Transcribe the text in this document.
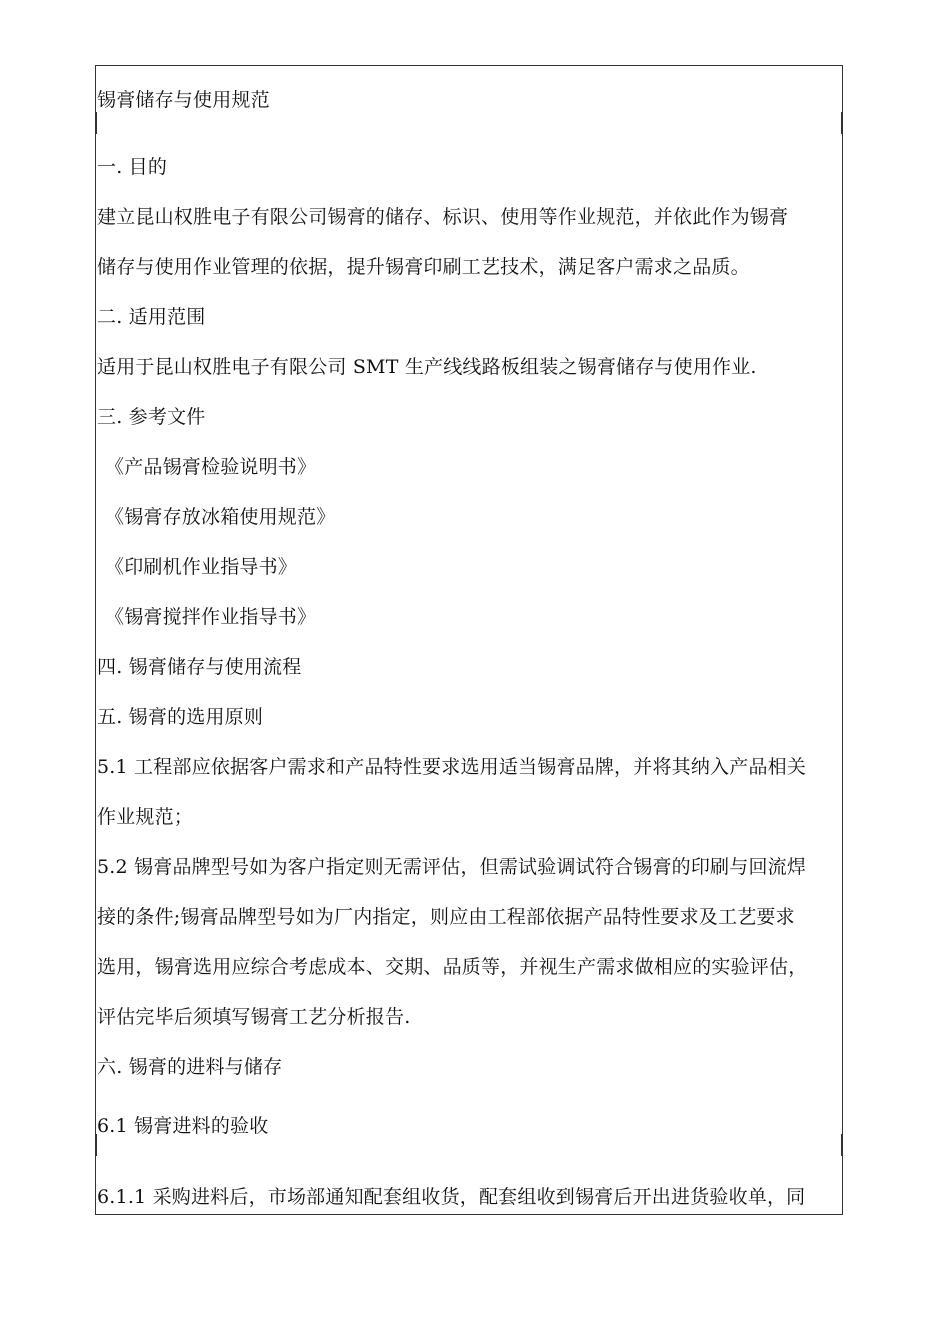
锡膏储存与使用规范
一. 目的
建立昆山权胜电子有限公司锡膏的储存、标识、使用等作业规范，并依此作为锡膏
储存与使用作业管理的依据，提升锡膏印刷工艺技术，满足客户需求之品质。
二. 适用范围
适用于昆山权胜电子有限公司 SMT 生产线线路板组装之锡膏储存与使用作业.
三. 参考文件
《产品锡膏检验说明书》
《锡膏存放冰箱使用规范》
《印刷机作业指导书》
《锡膏搅拌作业指导书》
四. 锡膏储存与使用流程
五. 锡膏的选用原则
5.1 工程部应依据客户需求和产品特性要求选用适当锡膏品牌，并将其纳入产品相关
作业规范；
5.2 锡膏品牌型号如为客户指定则无需评估，但需试验调试符合锡膏的印刷与回流焊
接的条件;锡膏品牌型号如为厂内指定，则应由工程部依据产品特性要求及工艺要求
选用，锡膏选用应综合考虑成本、交期、品质等，并视生产需求做相应的实验评估，
评估完毕后须填写锡膏工艺分析报告.
六. 锡膏的进料与储存
6.1 锡膏进料的验收
6.1.1 采购进料后，市场部通知配套组收货，配套组收到锡膏后开出进货验收单，同
